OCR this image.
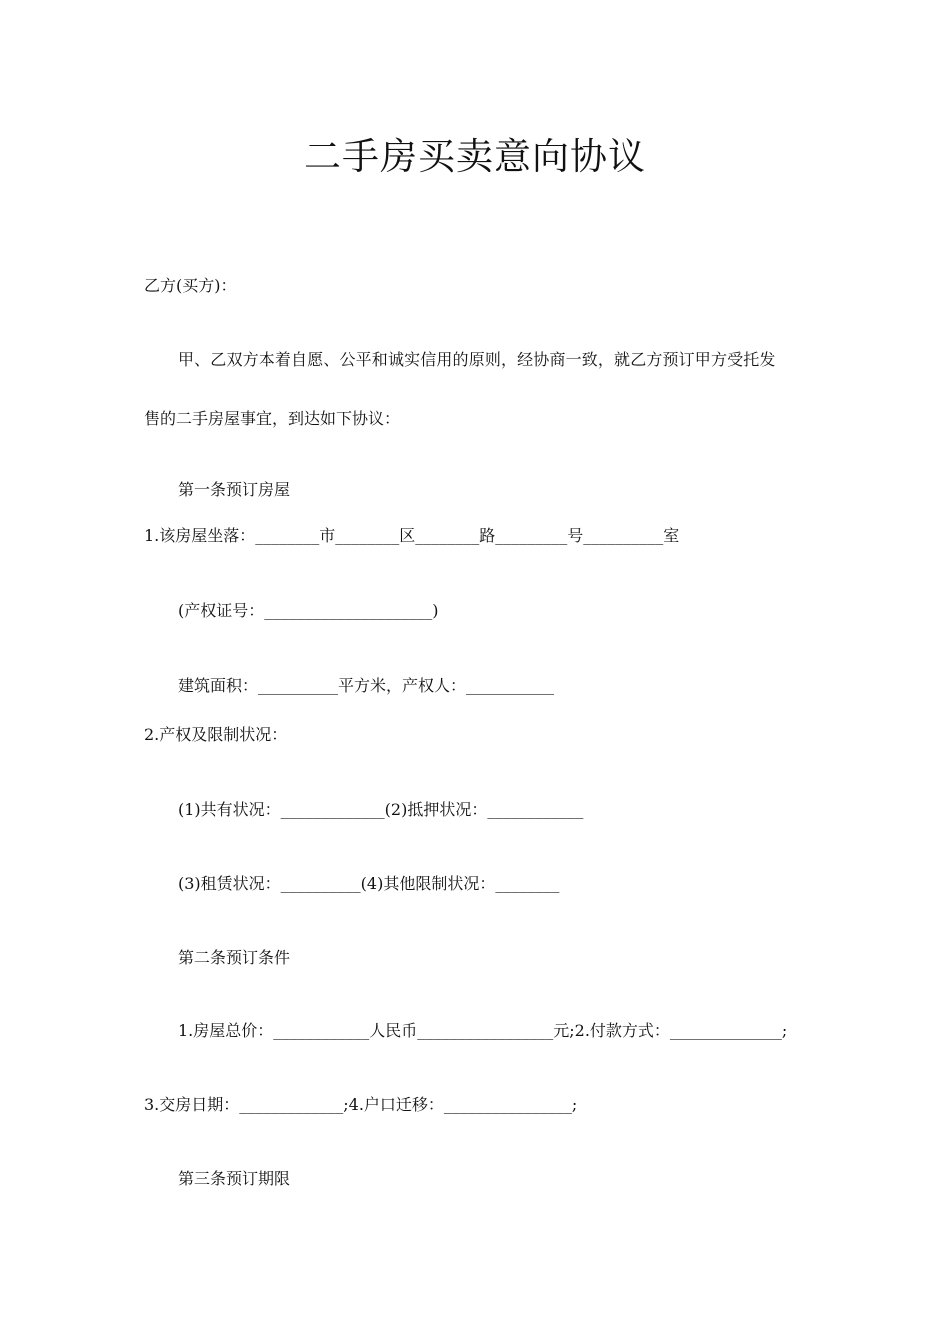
二手房买卖意向协议
乙方(买方)：
甲、乙双方本着自愿、公平和诚实信用的原则，经协商一致，就乙方预订甲方受托发
售的二手房屋事宜，到达如下协议：
第一条预订房屋
1.该房屋坐落：________市________区________路_________号__________室
(产权证号：_____________________)
建筑面积：__________平方米，产权人：___________
2.产权及限制状况：
(1)共有状况：_____________(2)抵押状况：____________
(3)租赁状况：__________(4)其他限制状况：________
第二条预订条件
1.房屋总价：____________人民币_________________元;2.付款方式：______________;
3.交房日期：_____________;4.户口迁移：________________;
第三条预订期限
